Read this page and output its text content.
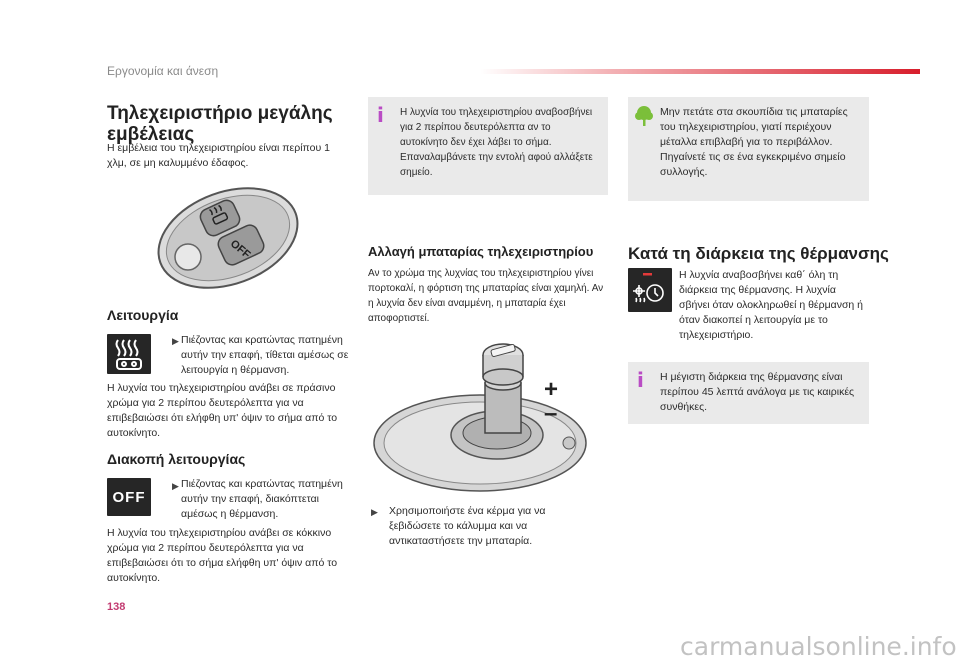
Εργονομία και άνεση
Τηλεχειριστήριο μεγάλης εμβέλειας

Η εμβέλεια του τηλεχειριστηρίου είναι περίπου 1 χλμ, σε μη καλυμμένο έδαφος.

OFF
Λειτουργία
▶ Πιέζοντας και κρατώντας πατημένη αυτήν την επαφή, τίθεται αμέσως σε λειτουργία η θέρμανση.

Η λυχνία του τηλεχειριστηρίου ανάβει σε πράσινο χρώμα για 2 περίπου δευτερόλεπτα για να επιβεβαιώσει ότι ελήφθη υπ' όψιν το σήμα από το αυτοκίνητο.

Διακοπή λειτουργίας
OFF
▶ Πιέζοντας και κρατώντας πατημένη αυτήν την επαφή, διακόπτεται αμέσως η θέρμανση.

Η λυχνία του τηλεχειριστηρίου ανάβει σε κόκκινο χρώμα για 2 περίπου δευτερόλεπτα για να επιβεβαιώσει ότι το σήμα ελήφθη υπ' όψιν από το αυτοκίνητο.

i Η λυχνία του τηλεχειριστηρίου αναβοσβήνει για 2 περίπου δευτερόλεπτα αν το αυτοκίνητο δεν έχει λάβει το σήμα. Επαναλαμβάνετε την εντολή αφού αλλάξετε σημείο.

Αλλαγή μπαταρίας τηλεχειριστηρίου

Αν το χρώμα της λυχνίας του τηλεχειριστηρίου γίνει πορτοκαλί, η φόρτιση της μπαταρίας είναι χαμηλή. Αν η λυχνία δεν είναι αναμμένη, η μπαταρία έχει αποφορτιστεί.

+
–
▶ Χρησιμοποιήστε ένα κέρμα για να ξεβιδώσετε το κάλυμμα και να αντικαταστήσετε την μπαταρία.

Μην πετάτε στα σκουπίδια τις μπαταρίες του τηλεχειριστηρίου, γιατί περιέχουν μέταλλα επιβλαβή για το περιβάλλον. Πηγαίνετέ τις σε ένα εγκεκριμένο σημείο συλλογής.

Κατά τη διάρκεια της θέρμανσης

Η λυχνία αναβοσβήνει καθ΄ όλη τη διάρκεια της θέρμανσης. Η λυχνία σβήνει όταν ολοκληρωθεί η θέρμανση ή όταν διακοπεί η λειτουργία με το τηλεχειριστήριο.

i Η μέγιστη διάρκεια της θέρμανσης είναι περίπου 45 λεπτά ανάλογα με τις καιρικές συνθήκες.

138
carmanualsonline.info
